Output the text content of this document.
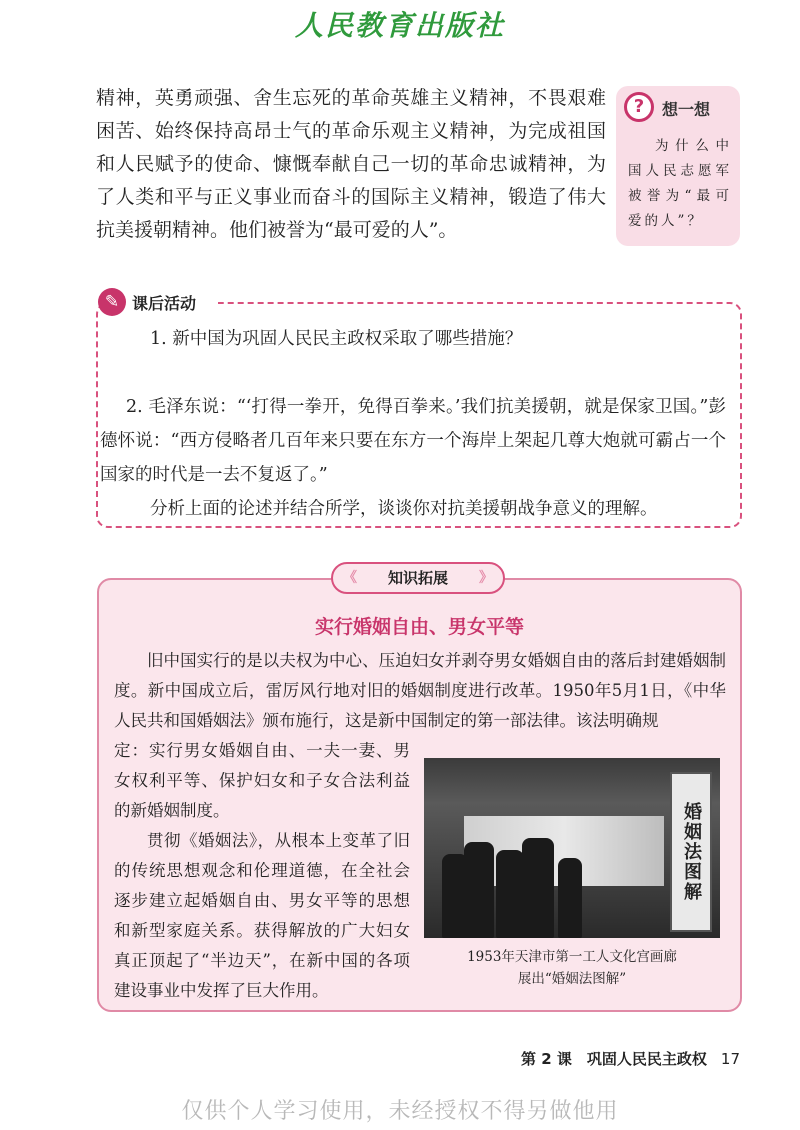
人民教育出版社
精神，英勇顽强、舍生忘死的革命英雄主义精神，不畏艰难困苦、始终保持高昂士气的革命乐观主义精神，为完成祖国和人民赋予的使命、慷慨奉献自己一切的革命忠诚精神，为了人类和平与正义事业而奋斗的国际主义精神，锻造了伟大抗美援朝精神。他们被誉为“最可爱的人”。
?	想一想
为什么中国人民志愿军被誉为“最可爱的人”？
✎ 课后活动

1. 新中国为巩固人民民主政权采取了哪些措施？

2. 毛泽东说：“‘打得一拳开，免得百拳来。’我们抗美援朝，就是保家卫国。”彭德怀说：“西方侵略者几百年来只要在东方一个海岸上架起几尊大炮就可霸占一个国家的时代是一去不复返了。”

分析上面的论述并结合所学，谈谈你对抗美援朝战争意义的理解。

《 知识拓展 》
实行婚姻自由、男女平等
旧中国实行的是以夫权为中心、压迫妇女并剥夺男女婚姻自由的落后封建婚姻制度。新中国成立后，雷厉风行地对旧的婚姻制度进行改革。1950年5月1日，《中华人民共和国婚姻法》颁布施行，这是新中国制定的第一部法律。该法明确规

定：实行男女婚姻自由、一夫一妻、男女权利平等、保护妇女和子女合法利益的新婚姻制度。

贯彻《婚姻法》，从根本上变革了旧的传统思想观念和伦理道德，在全社会逐步建立起婚姻自由、男女平等的思想和新型家庭关系。获得解放的广大妇女真正顶起了“半边天”，在新中国的各项建设事业中发挥了巨大作用。

婚姻法图解
1953年天津市第一工人文化宫画廊
展出“婚姻法图解”
第 2 课　巩固人民民主政权 17
仅供个人学习使用，未经授权不得另做他用
